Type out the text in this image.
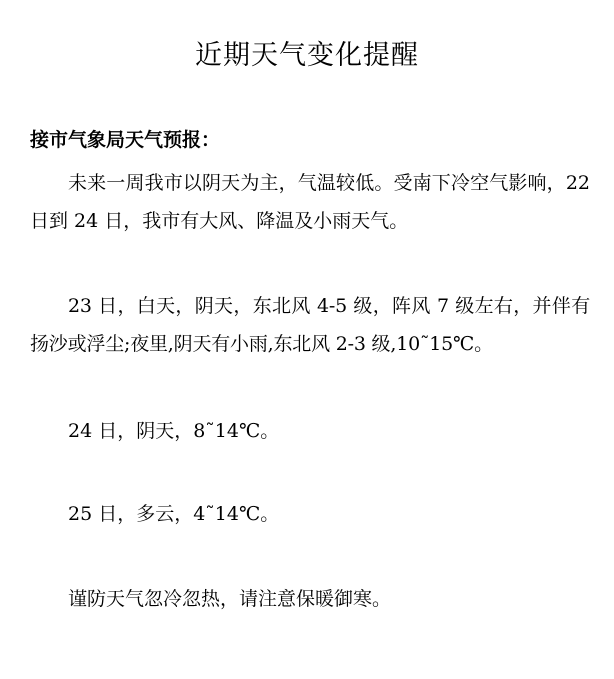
近期天气变化提醒
接市气象局天气预报：
未来一周我市以阴天为主，气温较低。受南下冷空气影响，22 日到 24 日，我市有大风、降温及小雨天气。
23 日，白天，阴天，东北风 4-5 级，阵风 7 级左右，并伴有扬沙或浮尘;夜里,阴天有小雨,东北风 2-3 级,10˜15℃。
24 日，阴天，8˜14℃。
25 日，多云，4˜14℃。
谨防天气忽冷忽热，请注意保暖御寒。
